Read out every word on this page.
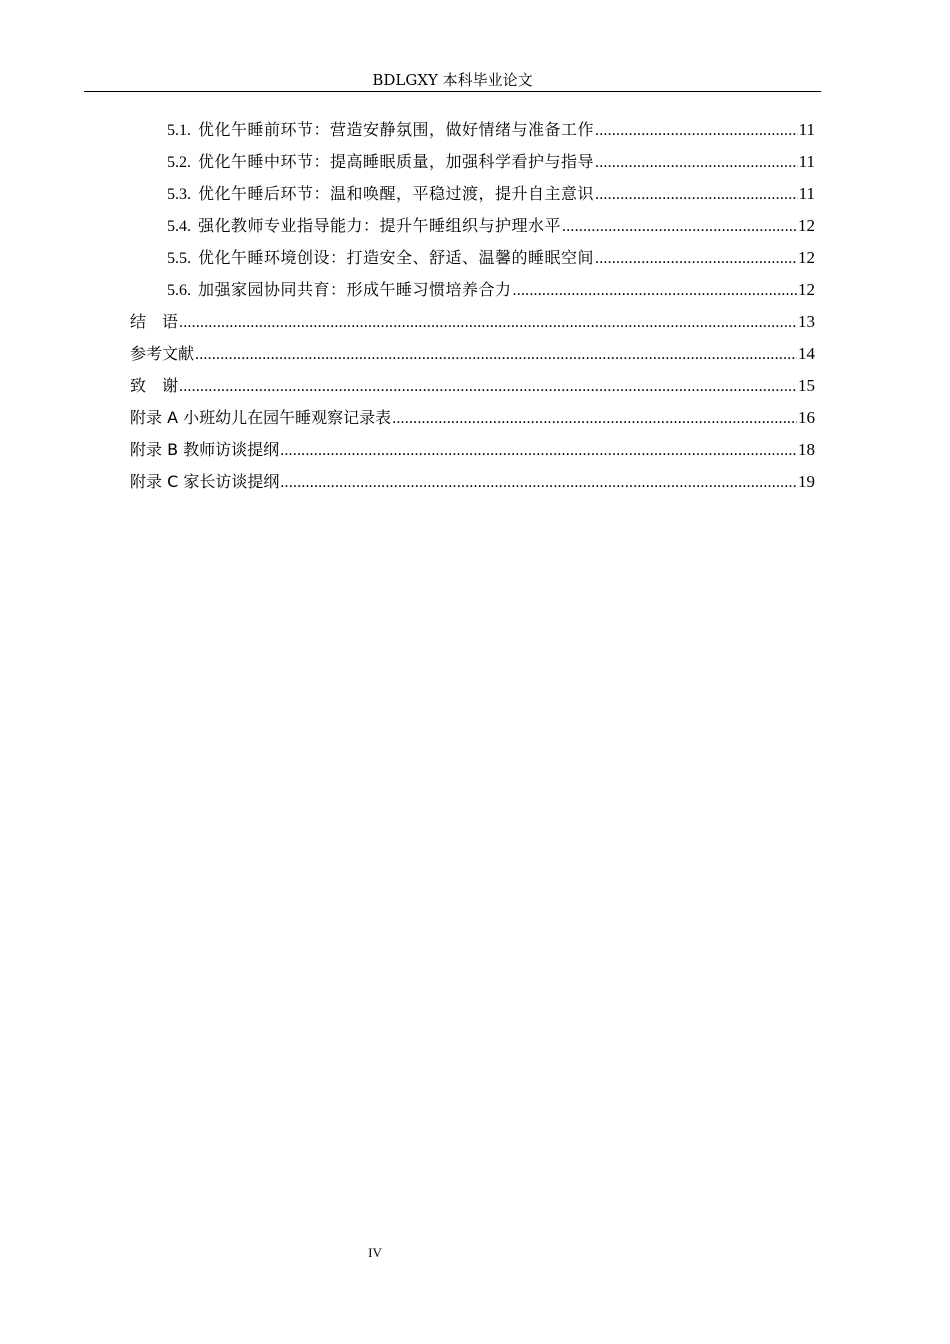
BDLGXY 本科毕业论文
5.1. 优化午睡前环节：营造安静氛围，做好情绪与准备工作 .....	11
5.2. 优化午睡中环节：提高睡眠质量，加强科学看护与指导 .....	11
5.3. 优化午睡后环节：温和唤醒，平稳过渡，提升自主意识 .....	11
5.4. 强化教师专业指导能力：提升午睡组织与护理水平 .....	12
5.5. 优化午睡环境创设：打造安全、舒适、温馨的睡眠空间 .....	12
5.6. 加强家园协同共育：形成午睡习惯培养合力 .....	12
结　语 .....	13
参考文献 .....	14
致　谢 .....	15
附录 A 小班幼儿在园午睡观察记录表 .....	16
附录 B 教师访谈提纲 .....	18
附录 C 家长访谈提纲 .....	19
IV
